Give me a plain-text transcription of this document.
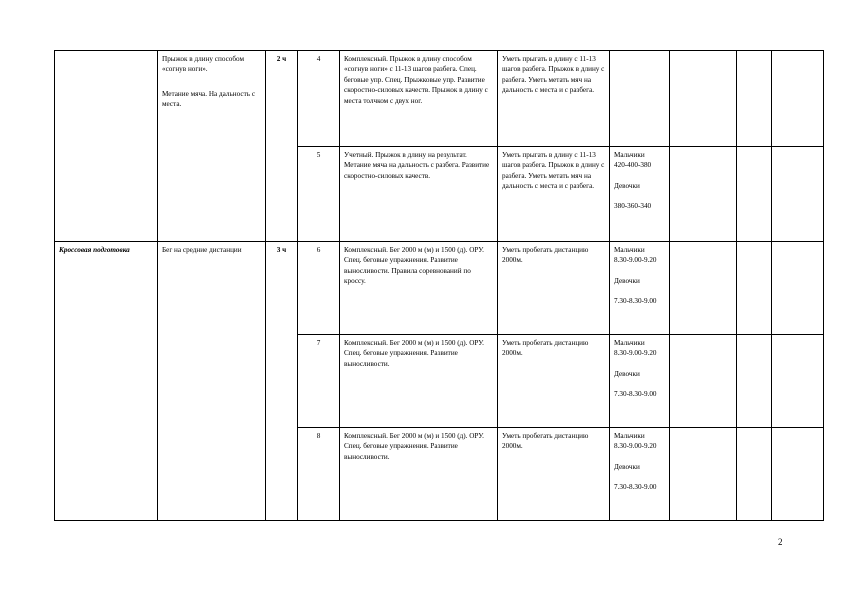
	Прыжок в длину способом «согнув ноги».
Метание мяча. На дальность с места.	2 ч	4	Комплексный. Прыжок в длину способом «согнув ноги» с 11-13 шагов разбега. Спец. беговые упр. Спец. Прыжковые упр. Развитие скоростно-силовых качеств. Прыжок в длину с места толчком с двух ног.	Уметь прыгать в длину с 11-13 шагов разбега. Прыжок в длину с разбега. Уметь метать мяч на дальность с места и с разбега.	

			5	Учетный. Прыжок в длину на результат. Метание мяча на дальность с разбега. Развитие скоростно-силовых качеств.	Уметь прыгать в длину с 11-13 шагов разбега. Прыжок в длину с разбега. Уметь метать мяч на дальность с места и с разбега.	Мальчики
420-400-380
Девочки
380-360-340			

Кроссовая подготовка	Бег на средние дистанции	3 ч	6	Комплексный. Бег 2000 м (м) и 1500 (д). ОРУ. Спец. беговые упражнения. Развитие выносливости. Правила соревнований по кроссу.	Уметь пробегать дистанцию 2000м.	Мальчики
8.30-9.00-9.20
Девочки
7.30-8.30-9.00			

			7	Комплексный. Бег 2000 м (м) и 1500 (д). ОРУ. Спец. беговые упражнения. Развитие выносливости.	Уметь пробегать дистанцию 2000м.	Мальчики
8.30-9.00-9.20
Девочки
7.30-8.30-9.00			

			8	Комплексный. Бег 2000 м (м) и 1500 (д). ОРУ. Спец. беговые упражнения. Развитие выносливости.	Уметь пробегать дистанцию 2000м.	Мальчики
8.30-9.00-9.20
Девочки
7.30-8.30-9.00			

2
